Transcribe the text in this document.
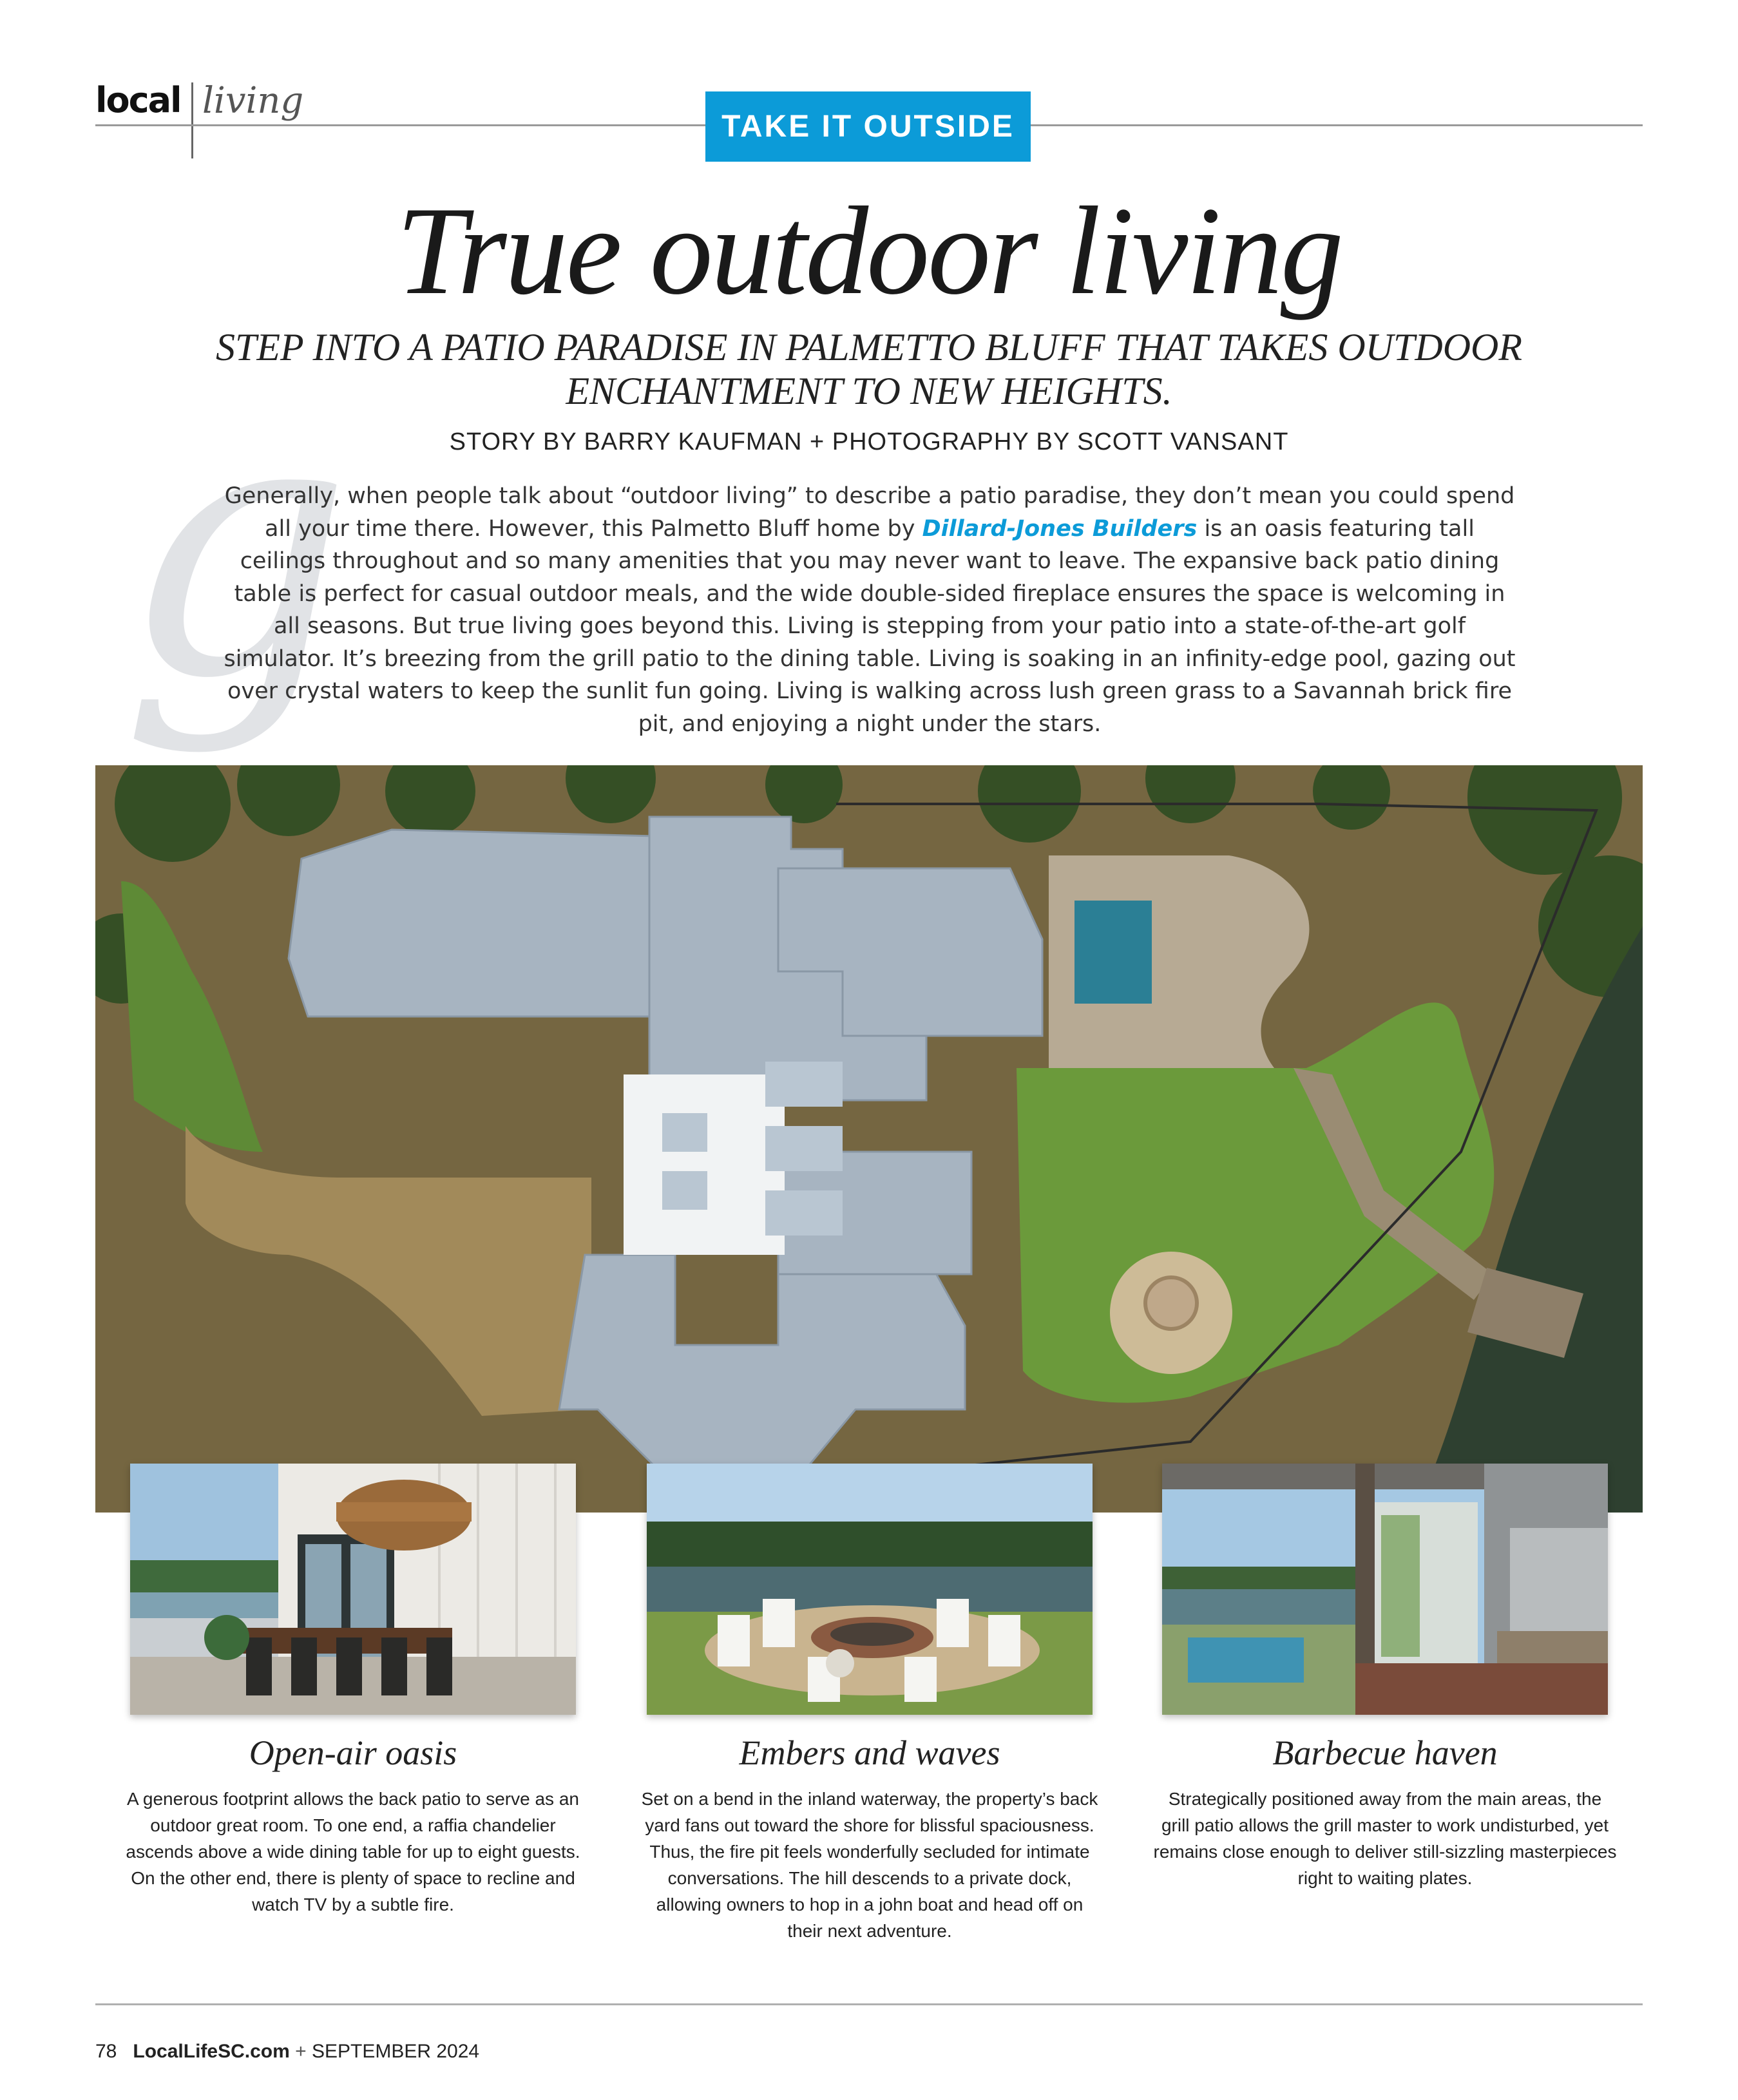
local living
TAKE IT OUTSIDE
True outdoor living
STEP INTO A PATIO PARADISE IN PALMETTO BLUFF THAT TAKES OUTDOOR ENCHANTMENT TO NEW HEIGHTS.
STORY BY BARRY KAUFMAN + PHOTOGRAPHY BY SCOTT VANSANT
g
Generally, when people talk about “outdoor living” to describe a patio paradise, they don’t mean you could spend all your time there. However, this Palmetto Bluff home by Dillard-Jones Builders is an oasis featuring tall ceilings throughout and so many amenities that you may never want to leave. The expansive back patio dining table is perfect for casual outdoor meals, and the wide double-sided fireplace ensures the space is welcoming in all seasons. But true living goes beyond this. Living is stepping from your patio into a state-of-the-art golf simulator. It’s breezing from the grill patio to the dining table. Living is soaking in an infinity-edge pool, gazing out over crystal waters to keep the sunlit fun going. Living is walking across lush green grass to a Savannah brick fire pit, and enjoying a night under the stars.
Open-air oasis
A generous footprint allows the back patio to serve as an outdoor great room. To one end, a raffia chandelier ascends above a wide dining table for up to eight guests. On the other end, there is plenty of space to recline and watch TV by a subtle fire.
Embers and waves
Set on a bend in the inland waterway, the property’s back yard fans out toward the shore for blissful spaciousness. Thus, the fire pit feels wonderfully secluded for intimate conversations. The hill descends to a private dock, allowing owners to hop in a john boat and head off on their next adventure.
Barbecue haven
Strategically positioned away from the main areas, the grill patio allows the grill master to work undisturbed, yet remains close enough to deliver still-sizzling masterpieces right to waiting plates.
78 LocalLifeSC.com + SEPTEMBER 2024
